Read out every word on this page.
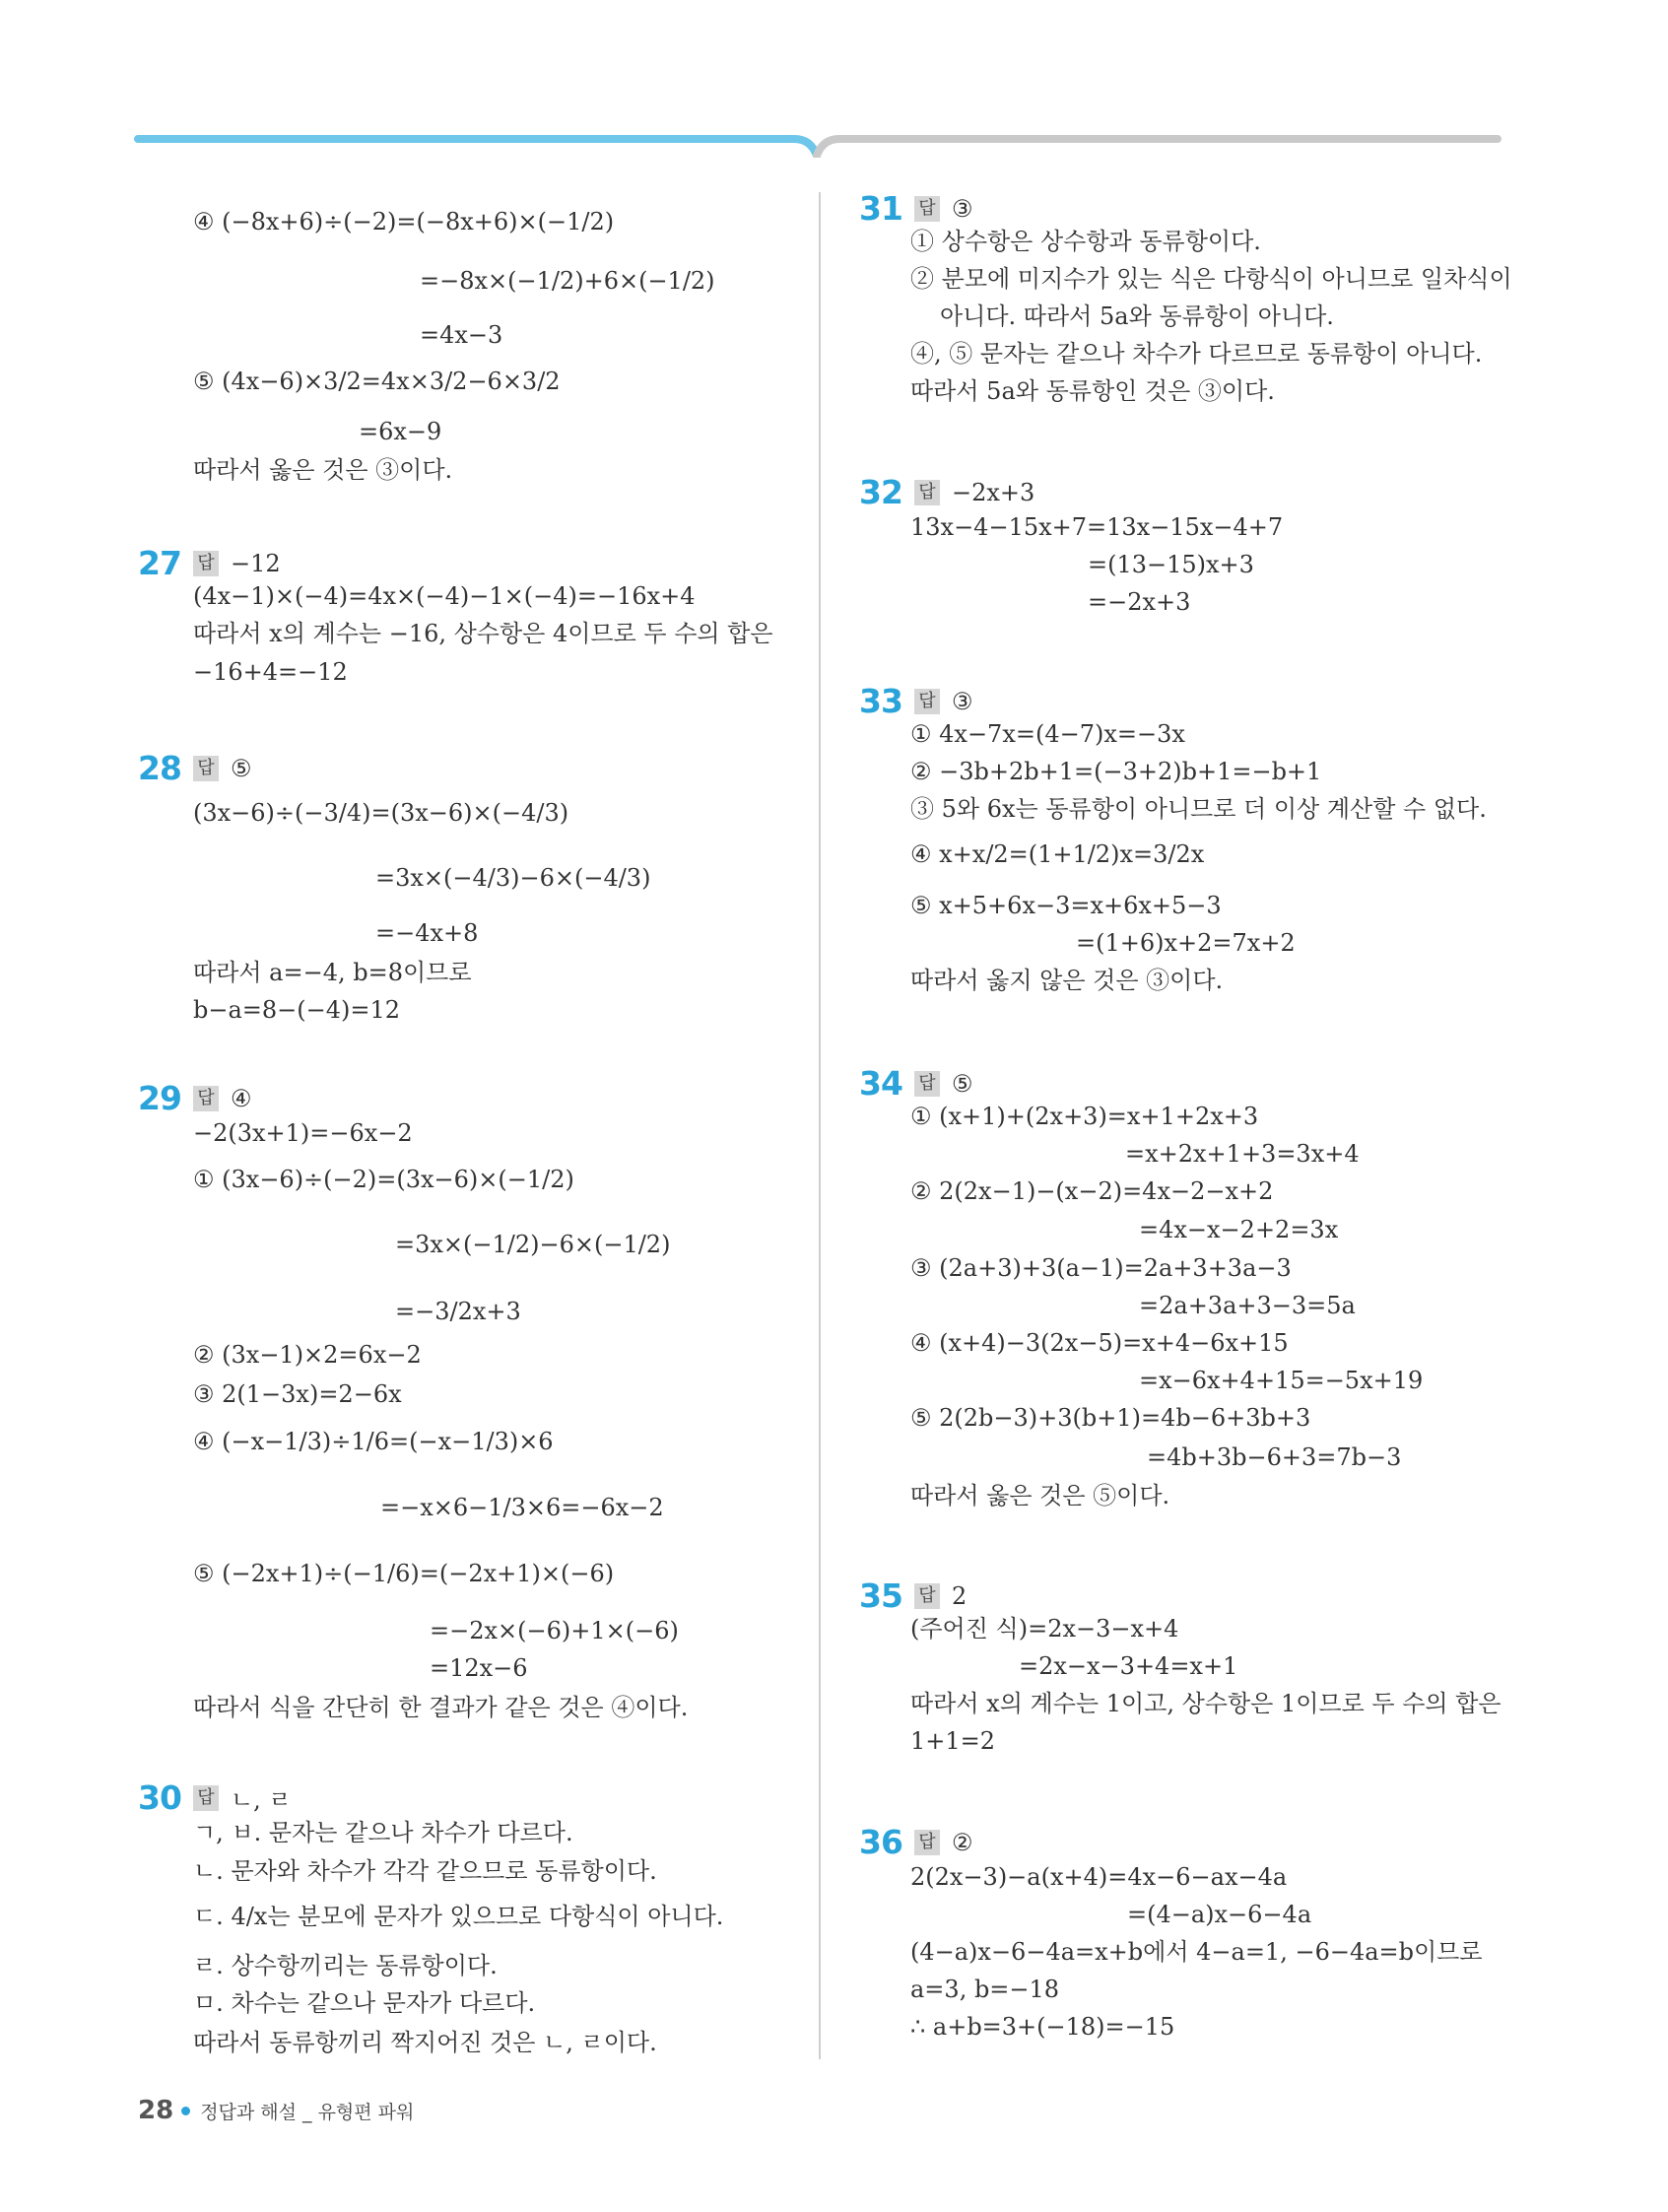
④ (−8x+6)÷(−2)=(−8x+6)×(−1/2)
=−8x×(−1/2)+6×(−1/2)
=4x−3
⑤ (4x−6)×3/2=4x×3/2−6×3/2
=6x−9
따라서 옳은 것은 ③이다.
27 답 −12
(4x−1)×(−4)=4x×(−4)−1×(−4)=−16x+4
따라서 x의 계수는 −16, 상수항은 4이므로 두 수의 합은
−16+4=−12
28 답 ⑤
(3x−6)÷(−3/4)=(3x−6)×(−4/3)
=3x×(−4/3)−6×(−4/3)
=−4x+8
따라서 a=−4, b=8이므로
b−a=8−(−4)=12
29 답 ④
−2(3x+1)=−6x−2
① (3x−6)÷(−2)=(3x−6)×(−1/2)
=3x×(−1/2)−6×(−1/2)
=−3/2x+3
② (3x−1)×2=6x−2
③ 2(1−3x)=2−6x
④ (−x−1/3)÷1/6=(−x−1/3)×6
=−x×6−1/3×6=−6x−2
⑤ (−2x+1)÷(−1/6)=(−2x+1)×(−6)
=−2x×(−6)+1×(−6)
=12x−6
따라서 식을 간단히 한 결과가 같은 것은 ④이다.
30 답 ㄴ, ㄹ
ㄱ, ㅂ. 문자는 같으나 차수가 다르다.
ㄴ. 문자와 차수가 각각 같으므로 동류항이다.
ㄷ. 4/x는 분모에 문자가 있으므로 다항식이 아니다.
ㄹ. 상수항끼리는 동류항이다.
ㅁ. 차수는 같으나 문자가 다르다.
따라서 동류항끼리 짝지어진 것은 ㄴ, ㄹ이다.
31 답 ③
① 상수항은 상수항과 동류항이다.
② 분모에 미지수가 있는 식은 다항식이 아니므로 일차식이
아니다. 따라서 5a와 동류항이 아니다.
④, ⑤ 문자는 같으나 차수가 다르므로 동류항이 아니다.
따라서 5a와 동류항인 것은 ③이다.
32 답 −2x+3
13x−4−15x+7=13x−15x−4+7
=(13−15)x+3
=−2x+3
33 답 ③
① 4x−7x=(4−7)x=−3x
② −3b+2b+1=(−3+2)b+1=−b+1
③ 5와 6x는 동류항이 아니므로 더 이상 계산할 수 없다.
④ x+x/2=(1+1/2)x=3/2x
⑤ x+5+6x−3=x+6x+5−3
=(1+6)x+2=7x+2
따라서 옳지 않은 것은 ③이다.
34 답 ⑤
① (x+1)+(2x+3)=x+1+2x+3
=x+2x+1+3=3x+4
② 2(2x−1)−(x−2)=4x−2−x+2
=4x−x−2+2=3x
③ (2a+3)+3(a−1)=2a+3+3a−3
=2a+3a+3−3=5a
④ (x+4)−3(2x−5)=x+4−6x+15
=x−6x+4+15=−5x+19
⑤ 2(2b−3)+3(b+1)=4b−6+3b+3
=4b+3b−6+3=7b−3
따라서 옳은 것은 ⑤이다.
35 답 2
(주어진 식)=2x−3−x+4
=2x−x−3+4=x+1
따라서 x의 계수는 1이고, 상수항은 1이므로 두 수의 합은
1+1=2
36 답 ②
2(2x−3)−a(x+4)=4x−6−ax−4a
=(4−a)x−6−4a
(4−a)x−6−4a=x+b에서 4−a=1, −6−4a=b이므로
a=3, b=−18
∴ a+b=3+(−18)=−15
28 정답과 해설 _ 유형편 파워
